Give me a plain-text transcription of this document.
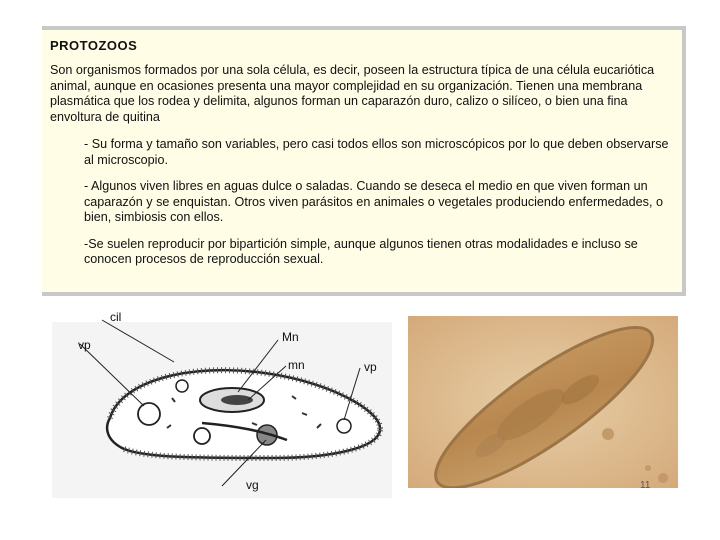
PROTOZOOS

Son organismos formados por una sola célula, es decir, poseen la estructura típica de una célula eucariótica animal, aunque en ocasiones presenta una mayor complejidad en su organización. Tienen una membrana plasmática que los rodea y delimita, algunos forman un caparazón duro, calizo o silíceo, o bien una fina envoltura de quitina

- Su forma y tamaño son variables, pero casi todos ellos son microscópicos por lo que deben observarse al microscopio.

- Algunos viven libres en aguas dulce o saladas. Cuando se deseca el medio en que viven forman un caparazón y se enquistan. Otros viven parásitos en animales o vegetales produciendo enfermedades, o bien, simbiosis con ellos.

-Se suelen reproducir por bipartición simple, aunque algunos tienen otras modalidades e incluso se conocen procesos de reproducción sexual.

cil
vp
Mn
mn	vp
vg	11
